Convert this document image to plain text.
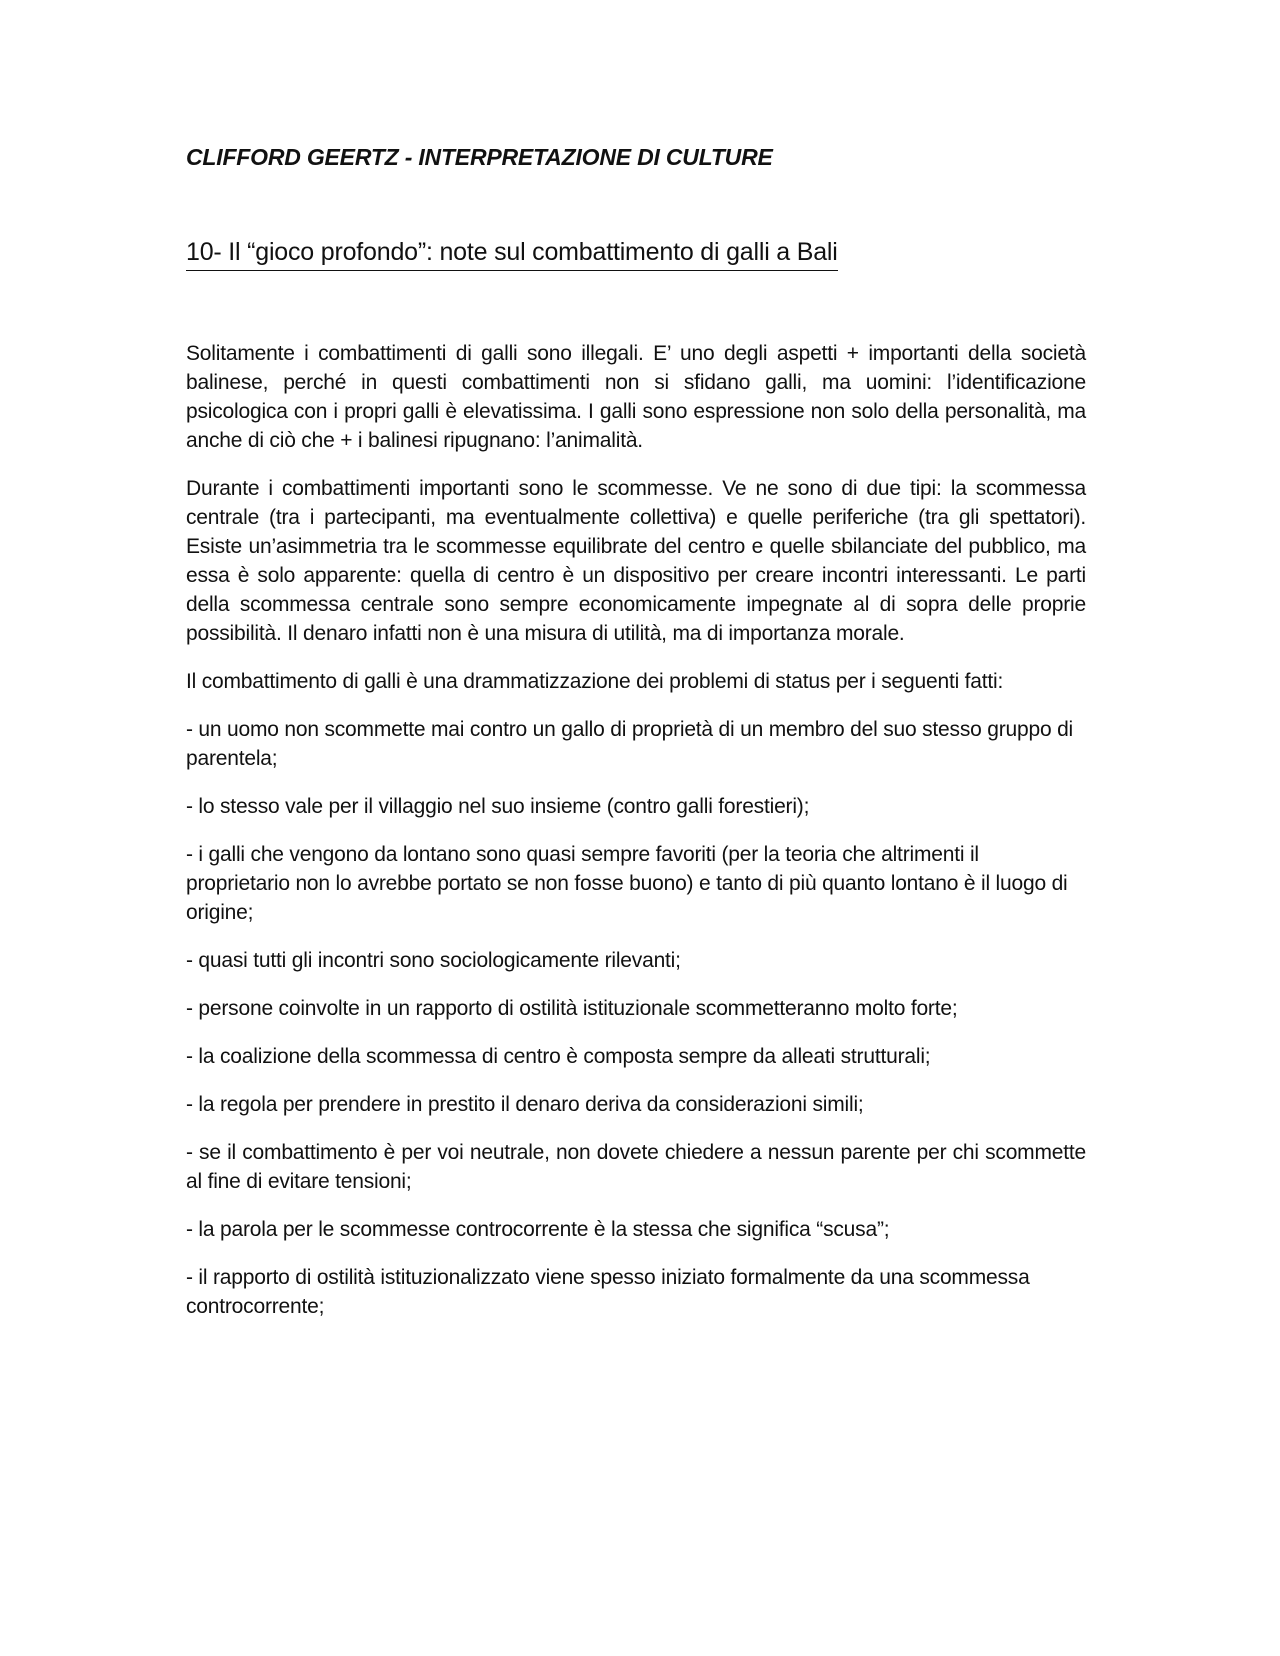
CLIFFORD GEERTZ - INTERPRETAZIONE DI CULTURE
10- Il “gioco profondo”: note sul combattimento di galli a Bali

Solitamente i combattimenti di galli sono illegali. E’ uno degli aspetti + importanti della società balinese, perché in questi combattimenti non si sfidano galli, ma uomini: l’identificazione psicologica con i propri galli è elevatissima. I galli sono espressione non solo della personalità, ma anche di ciò che + i balinesi ripugnano: l’animalità.

Durante i combattimenti importanti sono le scommesse. Ve ne sono di due tipi: la scommessa centrale (tra i partecipanti, ma eventualmente collettiva) e quelle periferiche (tra gli spettatori). Esiste un’asimmetria tra le scommesse equilibrate del centro e quelle sbilanciate del pubblico, ma essa è solo apparente: quella di centro è un dispositivo per creare incontri interessanti. Le parti della scommessa centrale sono sempre economicamente impegnate al di sopra delle proprie possibilità. Il denaro infatti non è una misura di utilità, ma di importanza morale.

Il combattimento di galli è una drammatizzazione dei problemi di status per i seguenti fatti:

- un uomo non scommette mai contro un gallo di proprietà di un membro del suo stesso gruppo di parentela;

- lo stesso vale per il villaggio nel suo insieme (contro galli forestieri);

- i galli che vengono da lontano sono quasi sempre favoriti (per la teoria che altrimenti il proprietario non lo avrebbe portato se non fosse buono) e tanto di più quanto lontano è il luogo di origine;

- quasi tutti gli incontri sono sociologicamente rilevanti;

- persone coinvolte in un rapporto di ostilità istituzionale scommetteranno molto forte;

- la coalizione della scommessa di centro è composta sempre da alleati strutturali;

- la regola per prendere in prestito il denaro deriva da considerazioni simili;

- se il combattimento è per voi neutrale, non dovete chiedere a nessun parente per chi scommette al fine di evitare tensioni;

- la parola per le scommesse controcorrente è la stessa che significa “scusa”;

- il rapporto di ostilità istituzionalizzato viene spesso iniziato formalmente da una scommessa controcorrente;
